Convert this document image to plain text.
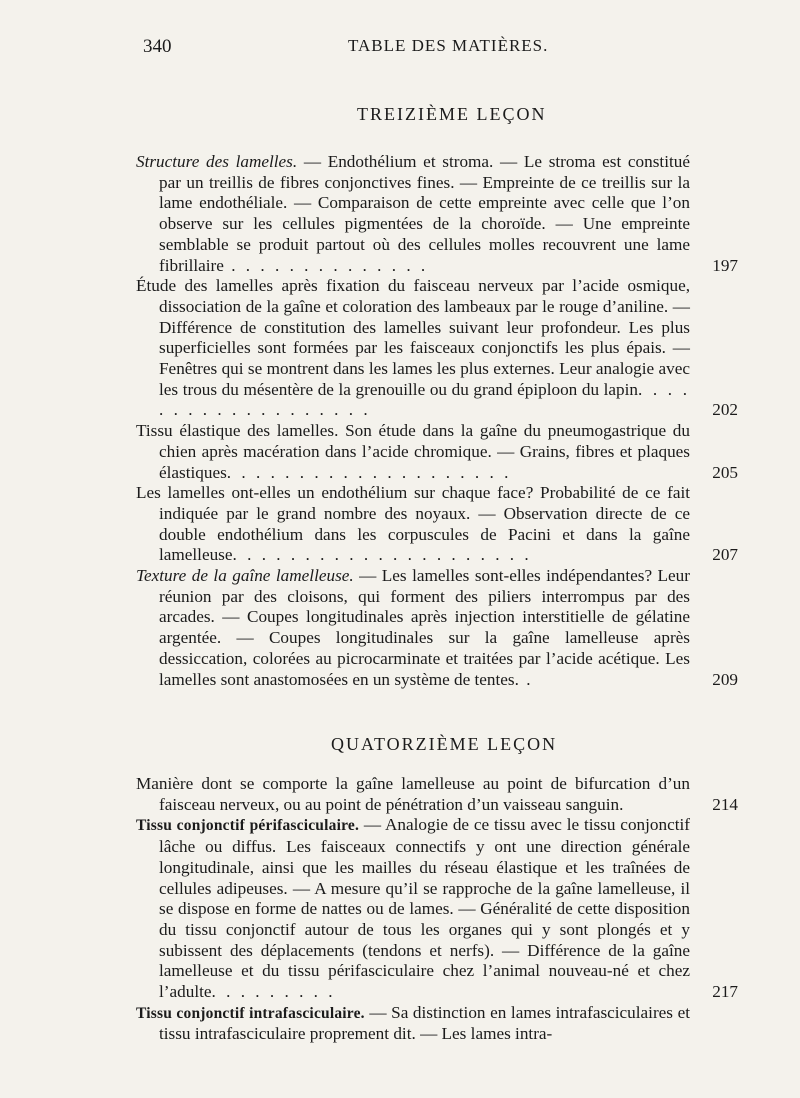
340	TABLE DES MATIÈRES.
TREIZIÈME LEÇON
Structure des lamelles. — Endothélium et stroma. — Le stroma est constitué par un treillis de fibres conjonctives fines. — Empreinte de ce treillis sur la lame endothéliale. — Comparaison de cette empreinte avec celle que l’on observe sur les cellules pigmentées de la choroïde. — Une empreinte semblable se produit partout où des cellules molles recouvrent une lame fibrillaire . . . . . . . . . . . . . .	197
Étude des lamelles après fixation du faisceau nerveux par l’acide osmique, dissociation de la gaîne et coloration des lambeaux par le rouge d’aniline. — Différence de constitution des lamelles suivant leur profondeur. Les plus superficielles sont formées par les faisceaux conjonctifs les plus épais. — Fenêtres qui se montrent dans les lames les plus externes. Leur analogie avec les trous du mésentère de la grenouille ou du grand épiploon du lapin. . . . . . . . . . . . . . . . . . .	202
Tissu élastique des lamelles. Son étude dans la gaîne du pneumogastrique du chien après macération dans l’acide chromique. — Grains, fibres et plaques élastiques. . . . . . . . . . . . . . . . . . . .	205
Les lamelles ont-elles un endothélium sur chaque face? Probabilité de ce fait indiquée par le grand nombre des noyaux. — Observation directe de ce double endothélium dans les corpuscules de Pacini et dans la gaîne lamelleuse. . . . . . . . . . . . . . . . . . . . .	207
Texture de la gaîne lamelleuse. — Les lamelles sont-elles indépendantes? Leur réunion par des cloisons, qui forment des piliers interrompus par des arcades. — Coupes longitudinales après injection interstitielle de gélatine argentée. — Coupes longitudinales sur la gaîne lamelleuse après dessiccation, colorées au picrocarminate et traitées par l’acide acétique. Les lamelles sont anastomosées en un système de tentes. .	209
QUATORZIÈME LEÇON
Manière dont se comporte la gaîne lamelleuse au point de bifurcation d’un faisceau nerveux, ou au point de pénétration d’un vaisseau sanguin.	214
Tissu conjonctif périfasciculaire. — Analogie de ce tissu avec le tissu conjonctif lâche ou diffus. Les faisceaux connectifs y ont une direction générale longitudinale, ainsi que les mailles du réseau élastique et les traînées de cellules adipeuses. — A mesure qu’il se rapproche de la gaîne lamelleuse, il se dispose en forme de nattes ou de lames. — Généralité de cette disposition du tissu conjonctif autour de tous les organes qui y sont plongés et y subissent des déplacements (tendons et nerfs). — Différence de la gaîne lamelleuse et du tissu périfasciculaire chez l’animal nouveau-né et chez l’adulte. . . . . . . . .	217
Tissu conjonctif intrafasciculaire. — Sa distinction en lames intrafasciculaires et tissu intrafasciculaire proprement dit. — Les lames intra-
